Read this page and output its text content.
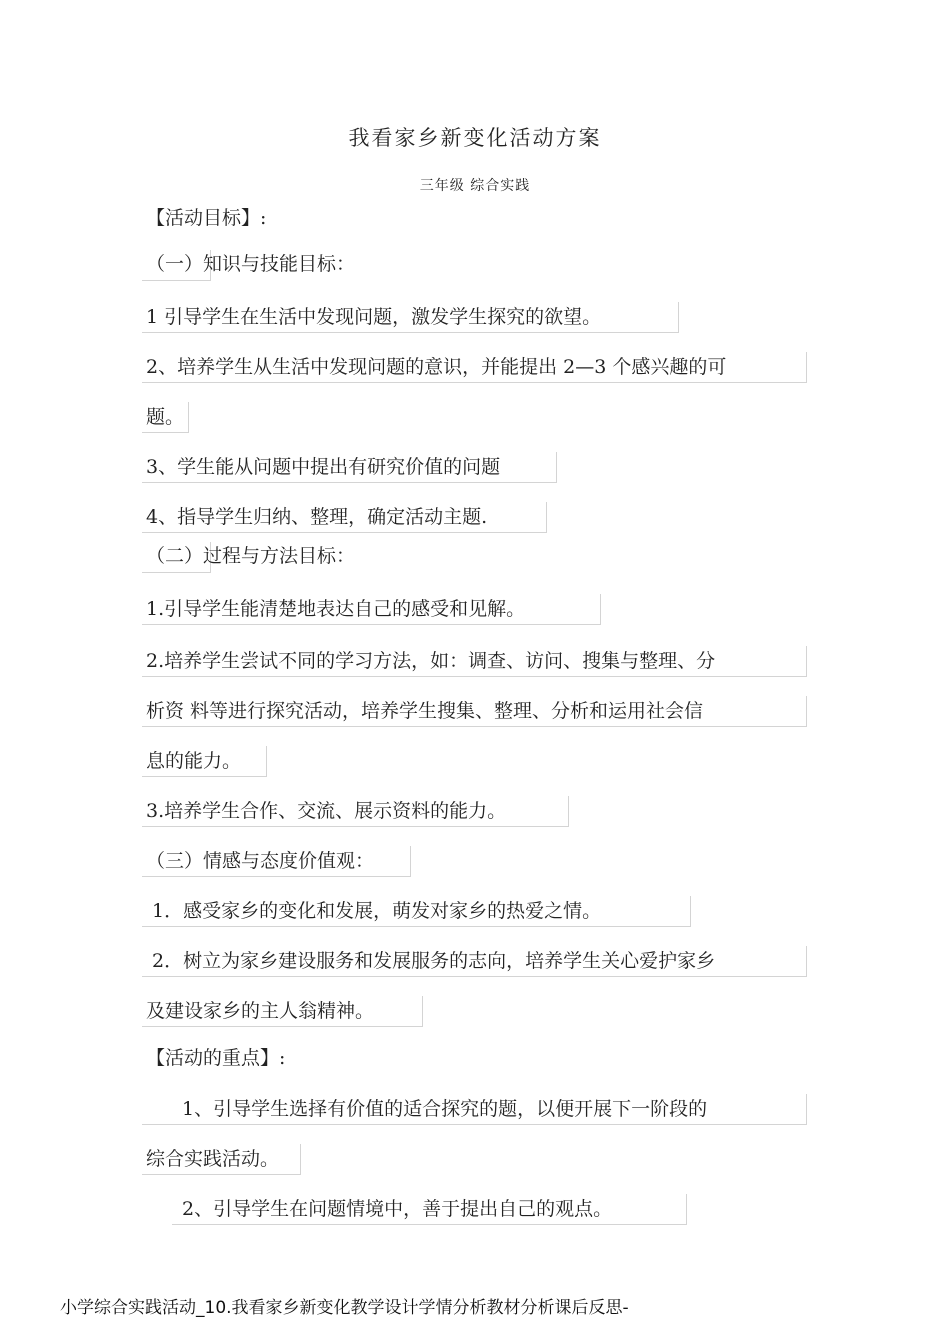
我看家乡新变化活动方案
三年级 综合实践
【活动目标】:
（一）知识与技能目标：
1 引导学生在生活中发现问题，激发学生探究的欲望。
2、培养学生从生活中发现问题的意识，并能提出 2—3 个感兴趣的可
题。
3、学生能从问题中提出有研究价值的问题
4、指导学生归纳、整理，确定活动主题.
（二）过程与方法目标：
1.引导学生能清楚地表达自己的感受和见解。
2.培养学生尝试不同的学习方法，如：调查、访问、搜集与整理、分
析资 料等进行探究活动，培养学生搜集、整理、分析和运用社会信
息的能力。
3.培养学生合作、交流、展示资料的能力。
（三）情感与态度价值观：
1．感受家乡的变化和发展，萌发对家乡的热爱之情。
2．树立为家乡建设服务和发展服务的志向，培养学生关心爱护家乡
及建设家乡的主人翁精神。
【活动的重点】:
1、引导学生选择有价值的适合探究的题，以便开展下一阶段的
综合实践活动。
2、引导学生在问题情境中，善于提出自己的观点。
小学综合实践活动_10.我看家乡新变化教学设计学情分析教材分析课后反思-
